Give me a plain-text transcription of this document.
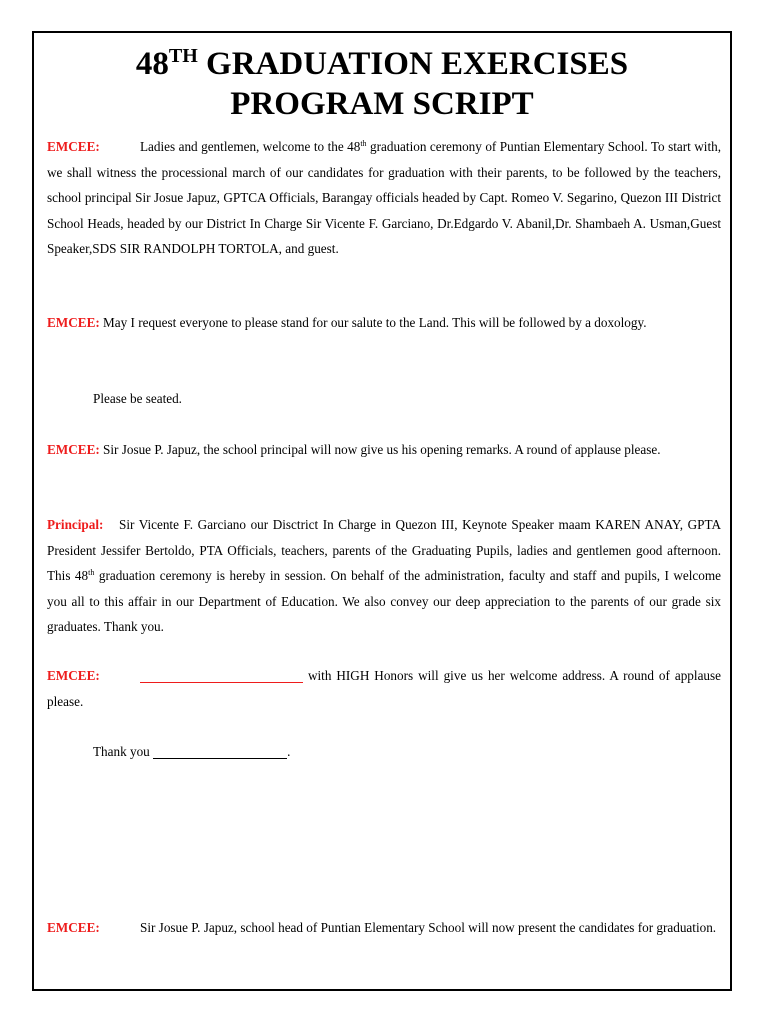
48TH GRADUATION EXERCISES
PROGRAM SCRIPT
EMCEE:	Ladies and gentlemen, welcome to the 48th graduation ceremony of Puntian Elementary School. To start with, we shall witness the processional march of our candidates for graduation with their parents, to be followed by the teachers, school principal Sir Josue Japuz, GPTCA Officials, Barangay officials headed by Capt. Romeo V. Segarino, Quezon III District School Heads, headed by our District In Charge Sir Vicente F. Garciano, Dr.Edgardo V. Abanil,Dr. Shambaeh A. Usman,Guest Speaker,SDS SIR RANDOLPH TORTOLA, and guest.
EMCEE: May I request everyone to please stand for our salute to the Land. This will be followed by a doxology.
Please be seated.
EMCEE: Sir Josue P. Japuz, the school principal will now give us his opening remarks. A round of applause please.
Principal: Sir Vicente F. Garciano our Disctrict In Charge in Quezon III, Keynote Speaker maam KAREN ANAY, GPTA President Jessifer Bertoldo, PTA Officials, teachers, parents of the Graduating Pupils, ladies and gentlemen good afternoon. This 48th graduation ceremony is hereby in session. On behalf of the administration, faculty and staff and pupils, I welcome you all to this affair in our Department of Education. We also convey our deep appreciation to the parents of our grade six graduates. Thank you.
EMCEE:	with HIGH Honors will give us her welcome address. A round of applause please.
Thank you	.
EMCEE:	Sir Josue P. Japuz, school head of Puntian Elementary School will now present the candidates for graduation.
